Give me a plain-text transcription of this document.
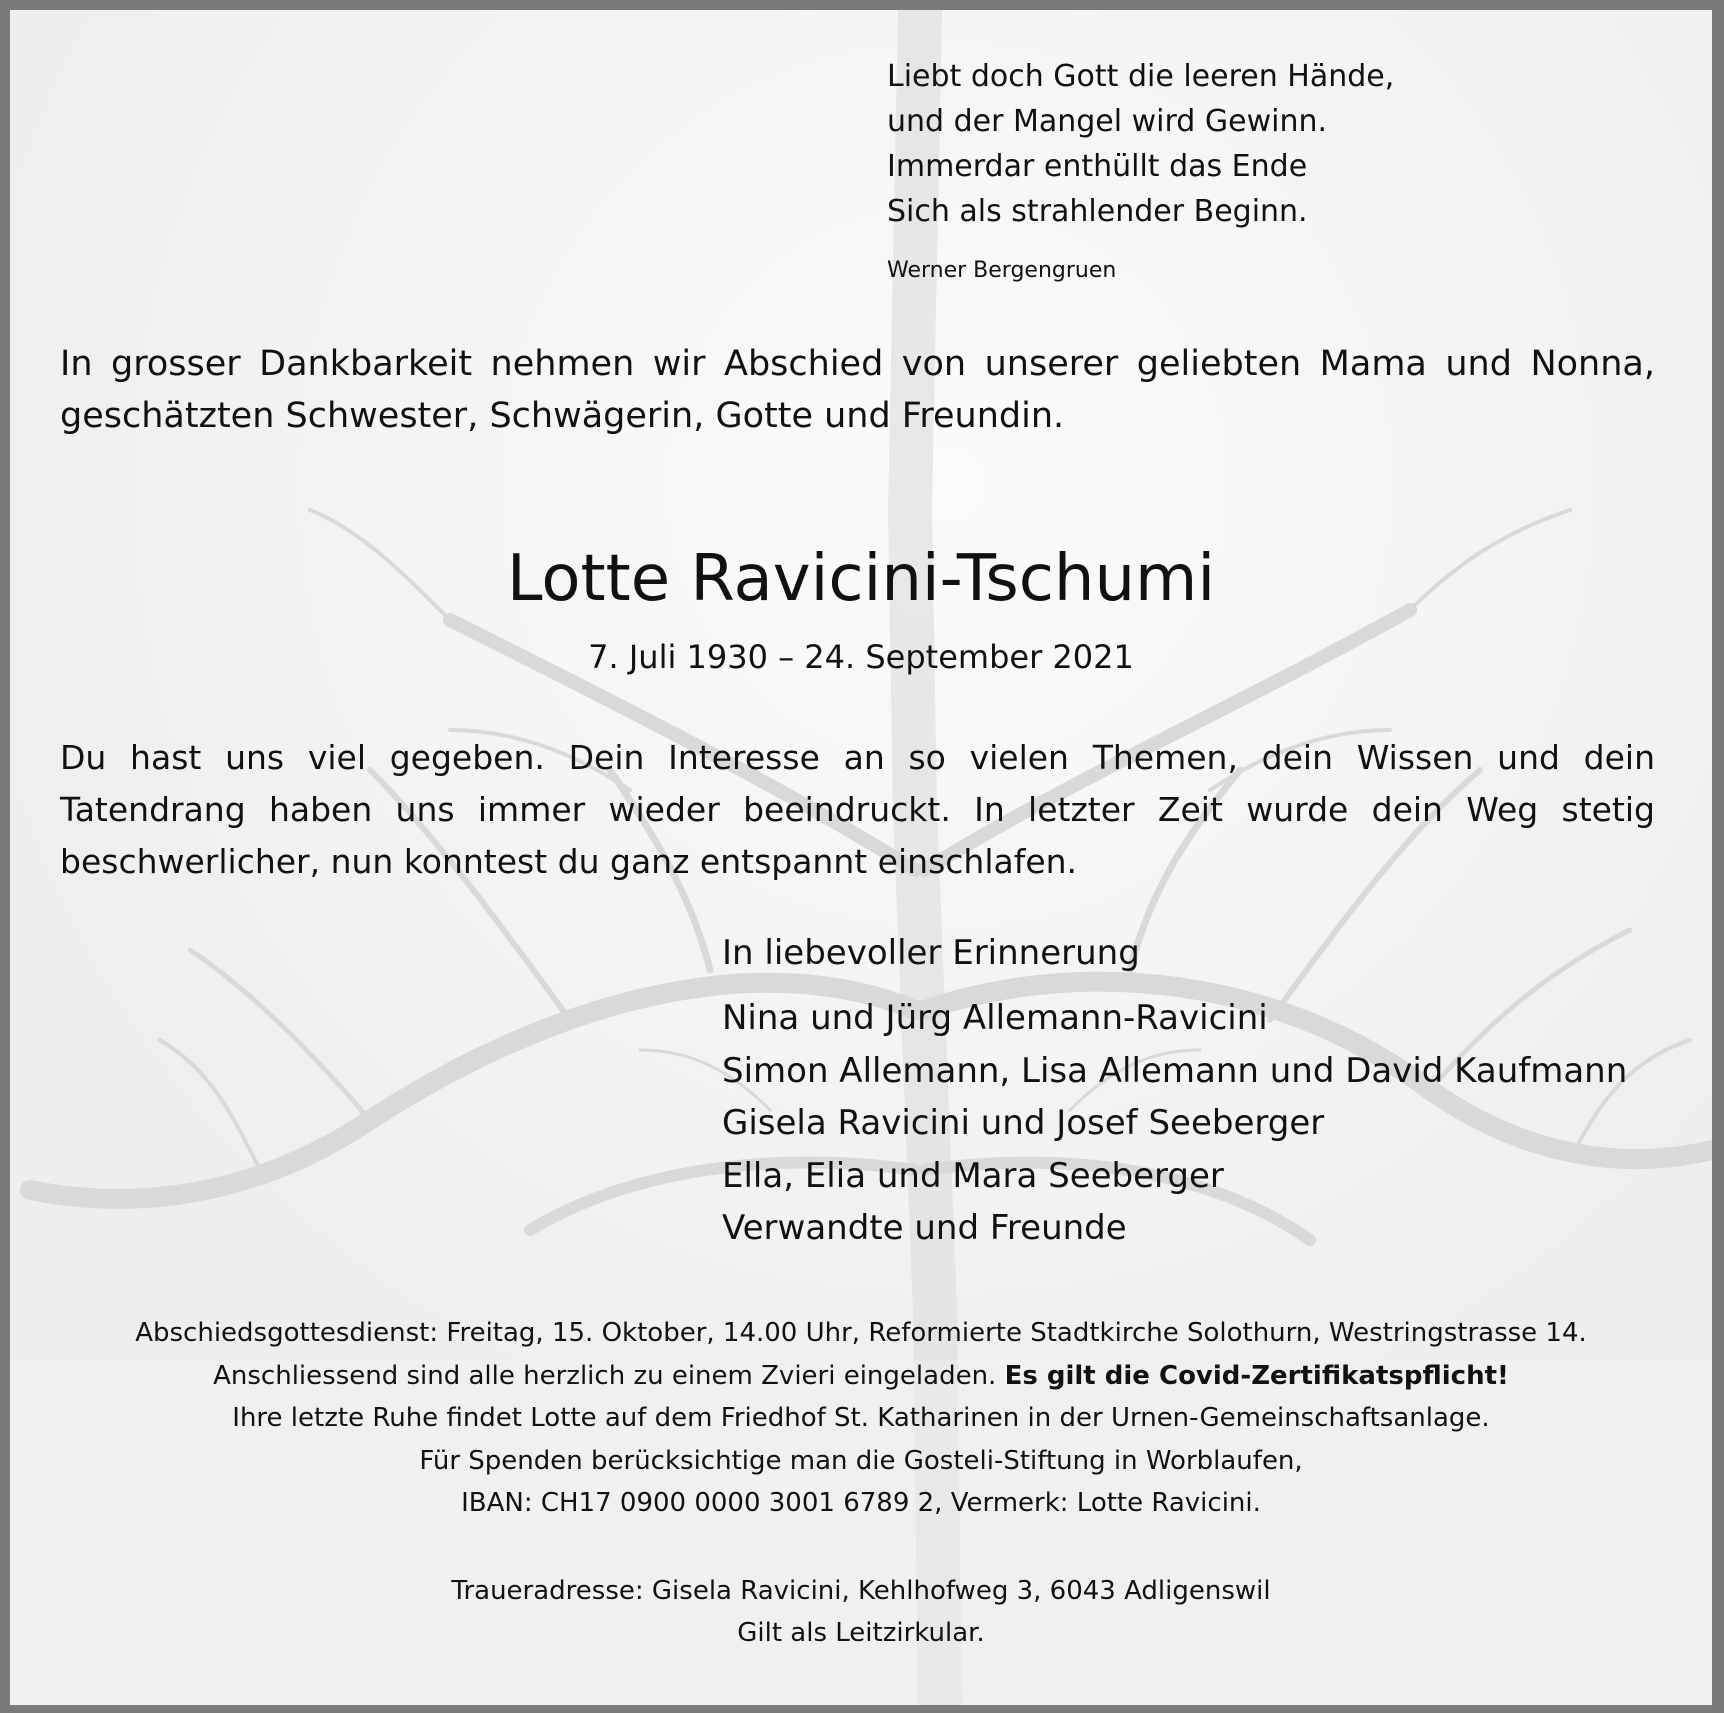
Liebt doch Gott die leeren Hände,
und der Mangel wird Gewinn.
Immerdar enthüllt das Ende
Sich als strahlender Beginn.
Werner Bergengruen
In grosser Dankbarkeit nehmen wir Abschied von unserer geliebten Mama und Nonna, geschätzten Schwester, Schwägerin, Gotte und Freundin.
Lotte Ravicini-Tschumi
7. Juli 1930 – 24. September 2021
Du hast uns viel gegeben. Dein Interesse an so vielen Themen, dein Wissen und dein Tatendrang haben uns immer wieder beeindruckt. In letzter Zeit wurde dein Weg stetig beschwerlicher, nun konntest du ganz entspannt einschlafen.
In liebevoller Erinnerung
Nina und Jürg Allemann-Ravicini
Simon Allemann, Lisa Allemann und David Kaufmann
Gisela Ravicini und Josef Seeberger
Ella, Elia und Mara Seeberger
Verwandte und Freunde
Abschiedsgottesdienst: Freitag, 15. Oktober, 14.00 Uhr, Reformierte Stadtkirche Solothurn, Westringstrasse 14.
Anschliessend sind alle herzlich zu einem Zvieri eingeladen. Es gilt die Covid-Zertifikatspflicht!
Ihre letzte Ruhe findet Lotte auf dem Friedhof St. Katharinen in der Urnen-Gemeinschaftsanlage.
Für Spenden berücksichtige man die Gosteli-Stiftung in Worblaufen,
IBAN: CH17 0900 0000 3001 6789 2, Vermerk: Lotte Ravicini.
Traueradresse: Gisela Ravicini, Kehlhofweg 3, 6043 Adligenswil
Gilt als Leitzirkular.
